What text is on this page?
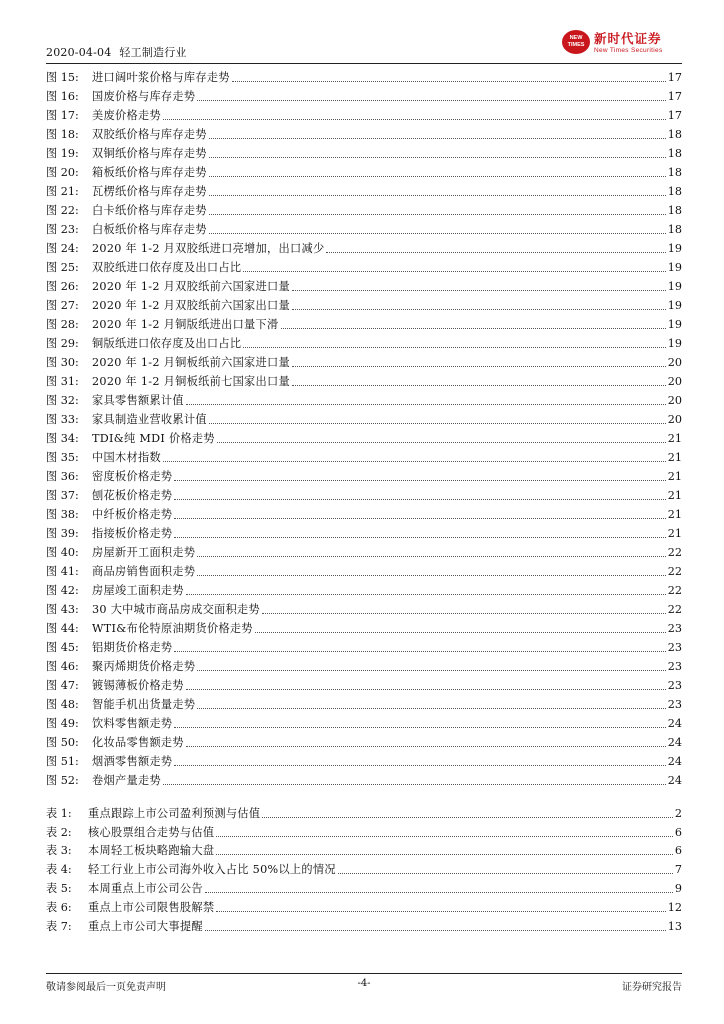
2020-04-04 轻工制造行业
NEW TIMES 新时代证券
New Times Securities
图 15:	进口阔叶浆价格与库存走势	17
图 16:	国废价格与库存走势	17
图 17:	美废价格走势	17
图 18:	双胶纸价格与库存走势	18
图 19:	双铜纸价格与库存走势	18
图 20:	箱板纸价格与库存走势	18
图 21:	瓦楞纸价格与库存走势	18
图 22:	白卡纸价格与库存走势	18
图 23:	白板纸价格与库存走势	18
图 24:	2020 年 1-2 月双胶纸进口亮增加，出口减少	19
图 25:	双胶纸进口依存度及出口占比	19
图 26:	2020 年 1-2 月双胶纸前六国家进口量	19
图 27:	2020 年 1-2 月双胶纸前六国家出口量	19
图 28:	2020 年 1-2 月铜版纸进出口量下滑	19
图 29:	铜版纸进口依存度及出口占比	19
图 30:	2020 年 1-2 月铜板纸前六国家进口量	20
图 31:	2020 年 1-2 月铜板纸前七国家出口量	20
图 32:	家具零售额累计值	20
图 33:	家具制造业营收累计值	20
图 34:	TDI&纯 MDI 价格走势	21
图 35:	中国木材指数	21
图 36:	密度板价格走势	21
图 37:	刨花板价格走势	21
图 38:	中纤板价格走势	21
图 39:	指接板价格走势	21
图 40:	房屋新开工面积走势	22
图 41:	商品房销售面积走势	22
图 42:	房屋竣工面积走势	22
图 43:	30 大中城市商品房成交面积走势	22
图 44:	WTI&布伦特原油期货价格走势	23
图 45:	铝期货价格走势	23
图 46:	聚丙烯期货价格走势	23
图 47:	镀锡薄板价格走势	23
图 48:	智能手机出货量走势	23
图 49:	饮料零售额走势	24
图 50:	化妆品零售额走势	24
图 51:	烟酒零售额走势	24
图 52:	卷烟产量走势	24
表 1:	重点跟踪上市公司盈利预测与估值	2
表 2:	核心股票组合走势与估值	6
表 3:	本周轻工板块略跑输大盘	6
表 4:	轻工行业上市公司海外收入占比 50%以上的情况	7
表 5:	本周重点上市公司公告	9
表 6:	重点上市公司限售股解禁	12
表 7:	重点上市公司大事提醒	13
敬请参阅最后一页免责声明	-4-	证券研究报告
